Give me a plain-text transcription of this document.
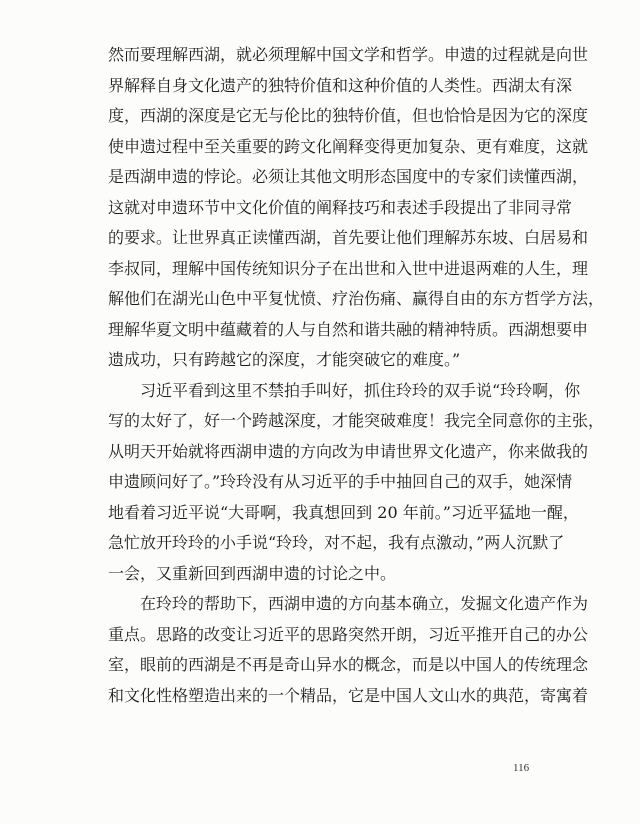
然而要理解西湖，就必须理解中国文学和哲学。申遗的过程就是向世
界解释自身文化遗产的独特价值和这种价值的人类性。西湖太有深
度，西湖的深度是它无与伦比的独特价值，但也恰恰是因为它的深度
使申遗过程中至关重要的跨文化阐释变得更加复杂、更有难度，这就
是西湖申遗的悖论。必须让其他文明形态国度中的专家们读懂西湖，
这就对申遗环节中文化价值的阐释技巧和表述手段提出了非同寻常
的要求。让世界真正读懂西湖，首先要让他们理解苏东坡、白居易和
李叔同，理解中国传统知识分子在出世和入世中进退两难的人生，理
解他们在湖光山色中平复忧愤、疗治伤痛、赢得自由的东方哲学方法，
理解华夏文明中蕴藏着的人与自然和谐共融的精神特质。西湖想要申
遗成功，只有跨越它的深度，才能突破它的难度。”
习近平看到这里不禁拍手叫好，抓住玲玲的双手说“玲玲啊，你
写的太好了，好一个跨越深度，才能突破难度！我完全同意你的主张，
从明天开始就将西湖申遗的方向改为申请世界文化遗产，你来做我的
申遗顾问好了。”玲玲没有从习近平的手中抽回自己的双手，她深情
地看着习近平说“大哥啊，我真想回到 20 年前。”习近平猛地一醒，
急忙放开玲玲的小手说“玲玲，对不起，我有点激动，”两人沉默了
一会，又重新回到西湖申遗的讨论之中。
在玲玲的帮助下，西湖申遗的方向基本确立，发掘文化遗产作为
重点。思路的改变让习近平的思路突然开朗，习近平推开自己的办公
室，眼前的西湖是不再是奇山异水的概念，而是以中国人的传统理念
和文化性格塑造出来的一个精品，它是中国人文山水的典范，寄寓着
116
